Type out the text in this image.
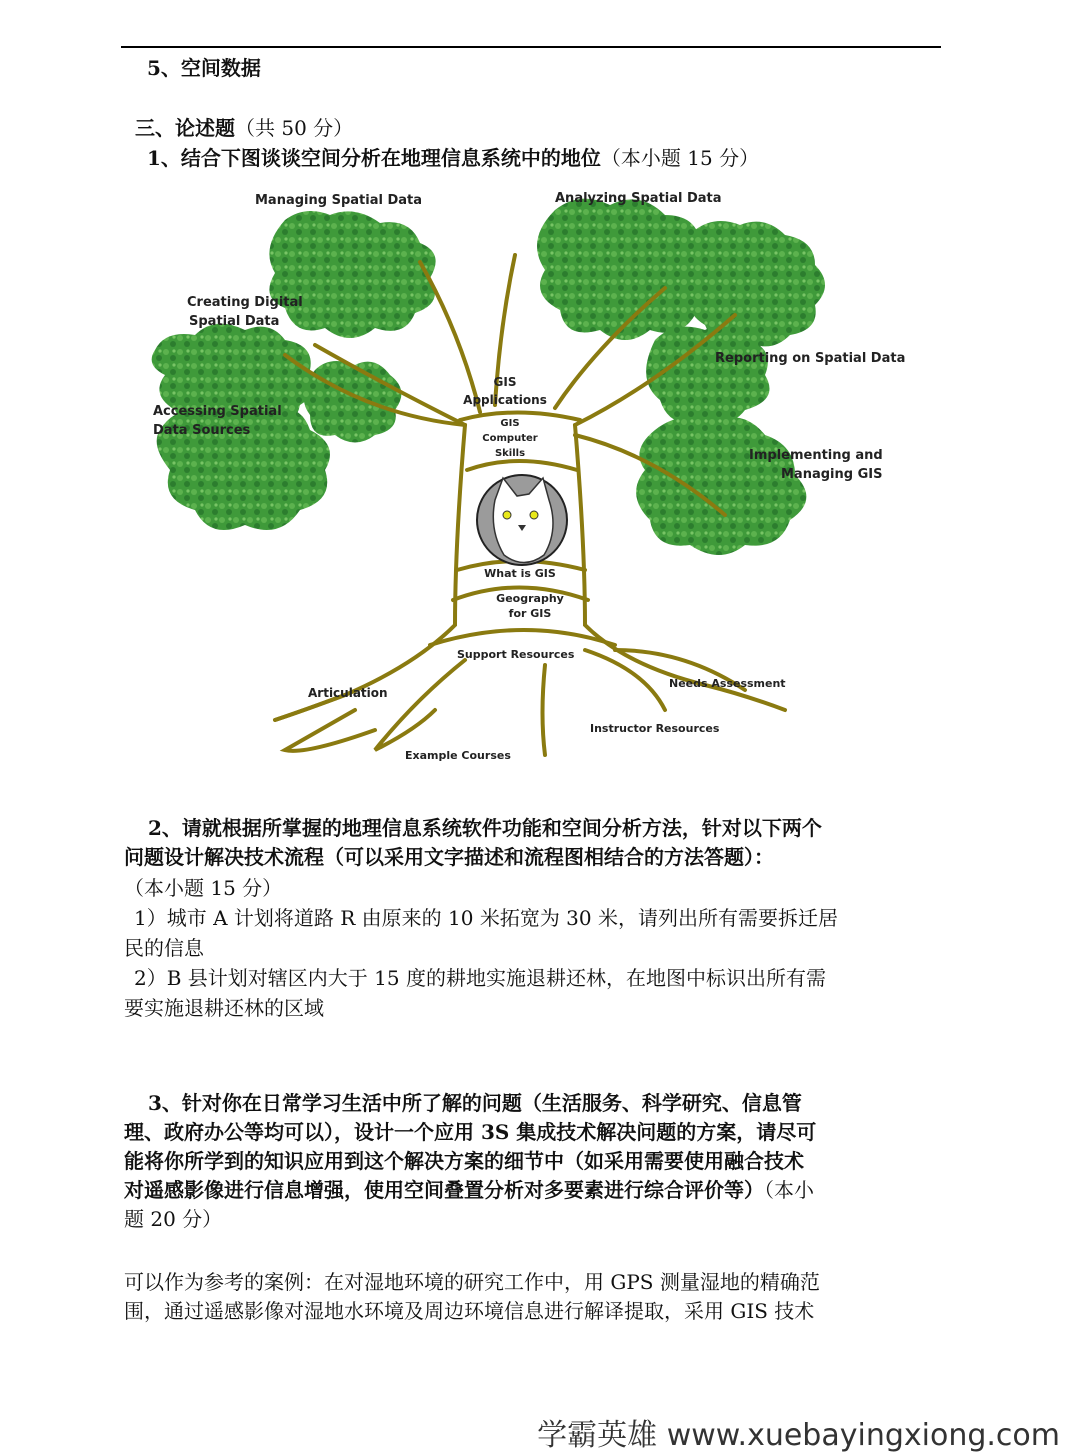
5、空间数据

三、论述题（共 50 分）

1、结合下图谈谈空间分析在地理信息系统中的地位（本小题 15 分）

Managing Spatial Data	Analyzing Spatial Data
Creating Digital
Spatial Data
Reporting on Spatial Data
Accessing Spatial
Data Sources
Implementing and
Managing GIS
GIS
Applications
GIS
Computer
Skills
What is GIS
Geography
for GIS
Support Resources
Articulation
Needs Assessment
Instructor Resources
Example Courses
2、请就根据所掌握的地理信息系统软件功能和空间分析方法，针对以下两个
问题设计解决技术流程（可以采用文字描述和流程图相结合的方法答题）：

（本小题 15 分）

1）城市 A 计划将道路 R 由原来的 10 米拓宽为 30 米，请列出所有需要拆迁居

民的信息

2）B 县计划对辖区内大于 15 度的耕地实施退耕还林，在地图中标识出所有需

要实施退耕还林的区域

3、针对你在日常学习生活中所了解的问题（生活服务、科学研究、信息管
理、政府办公等均可以），设计一个应用 3S 集成技术解决问题的方案，请尽可
能将你所学到的知识应用到这个解决方案的细节中（如采用需要使用融合技术
对遥感影像进行信息增强，使用空间叠置分析对多要素进行综合评价等）（本小
题 20 分）
可以作为参考的案例：在对湿地环境的研究工作中，用 GPS 测量湿地的精确范
围，通过遥感影像对湿地水环境及周边环境信息进行解译提取，采用 GIS 技术
学霸英雄 www.xuebayingxiong.com
